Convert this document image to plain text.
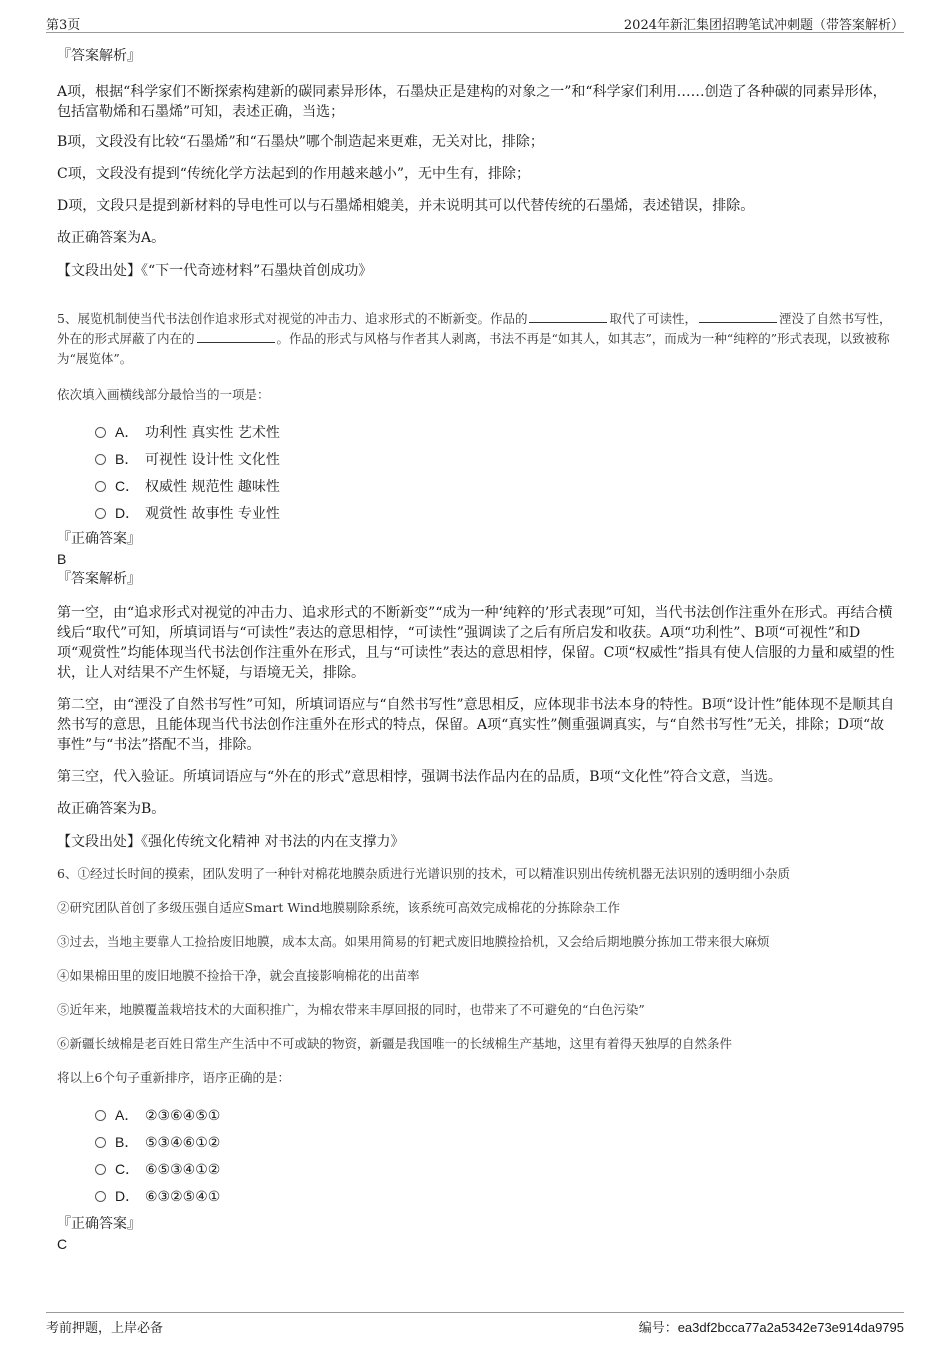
第3页	2024年新汇集团招聘笔试冲刺题（带答案解析）
『答案解析』

A项，根据“科学家们不断探索构建新的碳同素异形体，石墨炔正是建构的对象之一”和“科学家们利用……创造了各种碳的同素异形体，包括富勒烯和石墨烯”可知，表述正确，当选；

B项，文段没有比较“石墨烯”和“石墨炔”哪个制造起来更难，无关对比，排除；

C项，文段没有提到“传统化学方法起到的作用越来越小”，无中生有，排除；

D项，文段只是提到新材料的导电性可以与石墨烯相媲美，并未说明其可以代替传统的石墨烯，表述错误，排除。

故正确答案为A。

【文段出处】《“下一代奇迹材料”石墨炔首创成功》

5、展览机制使当代书法创作追求形式对视觉的冲击力、追求形式的不断新变。作品的	取代了可读性，	湮没了自然书写性，外在的形式屏蔽了内在的	。作品的形式与风格与作者其人剥离，书法不再是“如其人，如其志”，而成为一种“纯粹的”形式表现，以致被称为“展览体”。

依次填入画横线部分最恰当的一项是：

A． 功利性 真实性 艺术性
B． 可视性 设计性 文化性
C． 权威性 规范性 趣味性
D． 观赏性 故事性 专业性
『正确答案』
B
『答案解析』

第一空，由“追求形式对视觉的冲击力、追求形式的不断新变”“成为一种‘纯粹的’形式表现”可知，当代书法创作注重外在形式。再结合横线后“取代”可知，所填词语与“可读性”表达的意思相悖，“可读性”强调读了之后有所启发和收获。A项“功利性”、B项“可视性”和D项“观赏性”均能体现当代书法创作注重外在形式，且与“可读性”表达的意思相悖，保留。C项“权威性”指具有使人信服的力量和威望的性状，让人对结果不产生怀疑，与语境无关，排除。

第二空，由“湮没了自然书写性”可知，所填词语应与“自然书写性”意思相反，应体现非书法本身的特性。B项“设计性”能体现不是顺其自然书写的意思，且能体现当代书法创作注重外在形式的特点，保留。A项“真实性”侧重强调真实，与“自然书写性”无关，排除；D项“故事性”与“书法”搭配不当，排除。

第三空，代入验证。所填词语应与“外在的形式”意思相悖，强调书法作品内在的品质，B项“文化性”符合文意，当选。

故正确答案为B。

【文段出处】《强化传统文化精神 对书法的内在支撑力》

6、①经过长时间的摸索，团队发明了一种针对棉花地膜杂质进行光谱识别的技术，可以精准识别出传统机器无法识别的透明细小杂质

②研究团队首创了多级压强自适应Smart Wind地膜剔除系统，该系统可高效完成棉花的分拣除杂工作

③过去，当地主要靠人工捡拾废旧地膜，成本太高。如果用简易的钉耙式废旧地膜捡拾机，又会给后期地膜分拣加工带来很大麻烦

④如果棉田里的废旧地膜不捡拾干净，就会直接影响棉花的出苗率

⑤近年来，地膜覆盖栽培技术的大面积推广，为棉农带来丰厚回报的同时，也带来了不可避免的“白色污染”

⑥新疆长绒棉是老百姓日常生产生活中不可或缺的物资，新疆是我国唯一的长绒棉生产基地，这里有着得天独厚的自然条件

将以上6个句子重新排序，语序正确的是：

A． ②③⑥④⑤①
B． ⑤③④⑥①②
C． ⑥⑤③④①②
D． ⑥③②⑤④①
『正确答案』
C
考前押题，上岸必备	编号：ea3df2bcca77a2a5342e73e914da9795
